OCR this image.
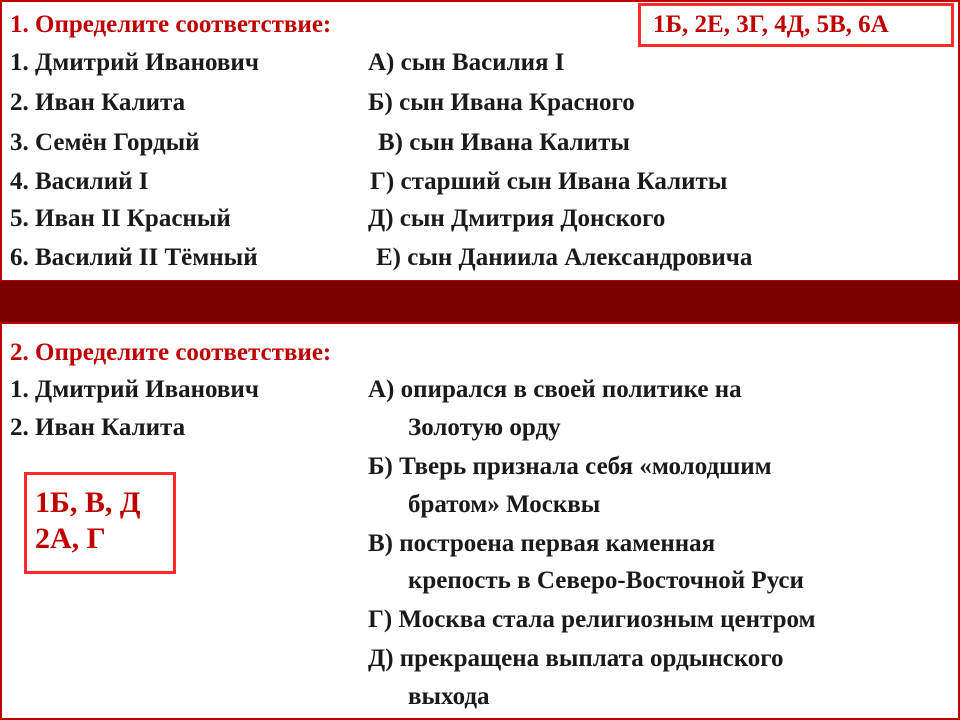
1. Определите соответствие:
1. Дмитрий Иванович
2. Иван Калита
3. Семён Гордый
4. Василий I
5. Иван II Красный
6. Василий II Тёмный
А) сын Василия I
Б) сын Ивана Красного
В) сын Ивана Калиты
Г) старший сын Ивана Калиты
Д) сын Дмитрия Донского
Е) сын Даниила Александровича
1Б, 2Е, 3Г, 4Д, 5В, 6А
2. Определите соответствие:
1. Дмитрий Иванович
2. Иван Калита
А) опирался в своей политике на
Золотую орду
Б) Тверь признала себя «молодшим
братом» Москвы
В) построена первая каменная
крепость в Северо-Восточной Руси
Г) Москва стала религиозным центром
Д) прекращена выплата ордынского
выхода
1Б, В, Д
2А, Г
